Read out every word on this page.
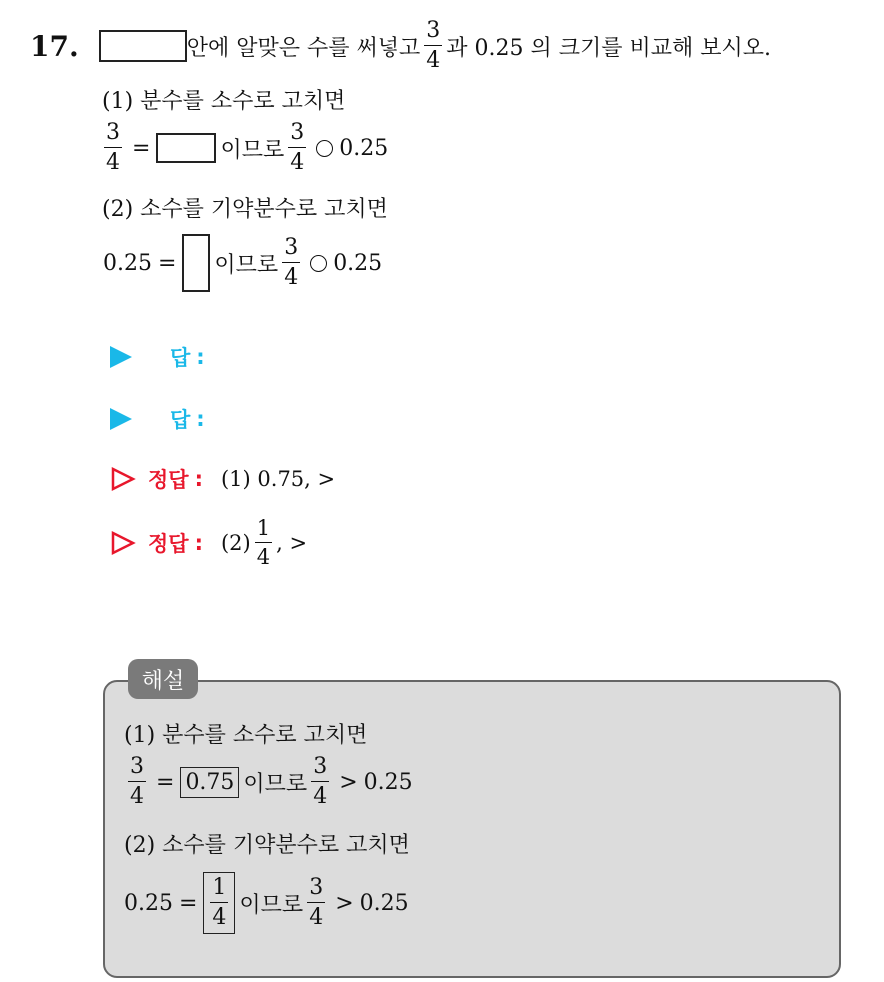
17.	안에 알맞은 수를 써넣고 $\frac{3}{4}$ 과 0.25 의 크기를 비교해 보시오.
(1) 분수를 소수로 고치면
$\frac{3}{4}$ =	이므로 $\frac{3}{4} 0.25$
(2) 소수를 기약분수로 고치면
0.25 = 이므로 $\frac{3}{4} 0.25$
답 :
답 :
정답 : (1) 0.75, >
정답 : $(2) \frac{1}{4}$ , >
해설
(1) 분수를 소수로 고치면
$\frac{3}{4} = 0.75$ 이므로 $\frac{3}{4} > 0.25$
(2) 소수를 기약분수로 고치면
$0.25 = \frac{1}{4}$ 이므로 $\frac{3}{4} > 0.25$
